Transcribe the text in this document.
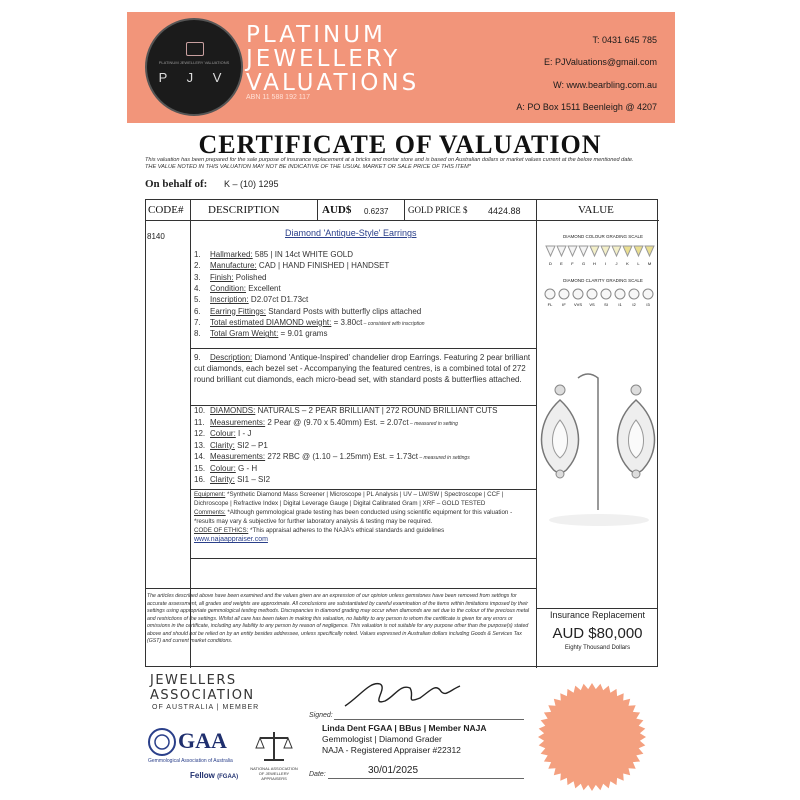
PLATINUM JEWELLERY VALUATIONS
P J V
PLATINUM
JEWELLERY
VALUATIONS
ABN 11 588 192 117
T: 0431 645 785
E: PJValuations@gmail.com
W: www.bearbling.com.au
A: PO Box 1511 Beenleigh @ 4207
CERTIFICATE OF VALUATION
This valuation has been prepared for the sale purpose of insurance replacement at a bricks and mortar store and is based on Australian dollars or market values current at the below mentioned date.
THE VALUE NOTED IN THIS VALUATION MAY NOT BE INDICATIVE OF THE USUAL MARKET OR SALE PRICE OF THIS ITEM*
On behalf of: K – (10) 1295
CODE# DESCRIPTION	AUD$ 0.6237 GOLD PRICE $ 4424.88	VALUE
8140	Diamond 'Antique-Style' Earrings
1. Hallmarked: 585 | IN 14ct WHITE GOLD
2. Manufacture: CAD | HAND FINISHED | HANDSET
3. Finish: Polished
4. Condition: Excellent
5. Inscription: D2.07ct D1.73ct
6. Earring Fittings: Standard Posts with butterfly clips attached
7. Total estimated DIAMOND weight: = 3.80ct – consistent with inscription
8. Total Gram Weight: = 9.01 grams
9. Description: Diamond 'Antique-Inspired' chandelier drop Earrings. Featuring 2 pear brilliant cut diamonds, each bezel set - Accompanying the featured centres, is a combined total of 272 round brilliant cut diamonds, each micro-bead set, with standard posts & butterflies attached.
10. DIAMONDS: NATURALS – 2 PEAR BRILLIANT | 272 ROUND BRILLIANT CUTS
11. Measurements: 2 Pear @ (9.70 x 5.40mm) Est. = 2.07ct – measured in setting
12. Colour: I - J
13. Clarity: SI2 – P1
14. Measurements: 272 RBC @ (1.10 – 1.25mm) Est. = 1.73ct – measured in settings
15. Colour: G - H
16. Clarity: SI1 – SI2
Equipment: *Synthetic Diamond Mass Screener | Microscope | PL Analysis | UV – LW/SW | Spectroscope | CCF | Dichroscope | Refractive Index | Digital Leverage Gauge | Digital Calibrated Gram | XRF – GOLD TESTED
Comments: *Although gemmological grade testing has been conducted using scientific equipment for this valuation - *results may vary & subjective for further laboratory analysis & testing may be required.
CODE OF ETHICS: *This appraisal adheres to the NAJA's ethical standards and guidelines
www.najaappraiser.com
DIAMOND COLOUR GRADING SCALE
D E F G H I J K L M
DIAMOND CLARITY GRADING SCALE
FL IF VVS VS SI	I1	I2	I3
The articles described above have been examined and the values given are an expression of our opinion unless gemstones have been removed from settings for accurate assessment, all grades and weights are approximate. All conclusions are substantiated by careful examination of the items within limitations imposed by their settings using appropriate gemmological testing methods. Discrepancies in diamond grading may occur when diamonds are set due to the colour of the precious metal and restrictions of the settings. Whilst all care has been taken in making this valuation, no liability to any person to whom the certificate is given for any errors or omissions in the certificate, including any liability to any person by reason of negligence. This valuation is not suitable for any purpose other than the purpose(s) stated above and should not be relied on by an entity besides addressee, unless specifically noted. Values expressed in Australian dollars including Goods & Services Tax (GST) and current market conditions.
Insurance Replacement
AUD $80,000
Eighty Thousand Dollars
JEWELLERS
ASSOCIATION
OF AUSTRALIA | MEMBER
GAA
Gemmological Association of Australia
Fellow (FGAA)
NATIONAL ASSOCIATION OF JEWELLERY APPRAISERS
Signed:
Linda Dent FGAA | BBus | Member NAJA
Gemmologist | Diamond Grader
NAJA - Registered Appraiser #22312
Date:	30/01/2025
